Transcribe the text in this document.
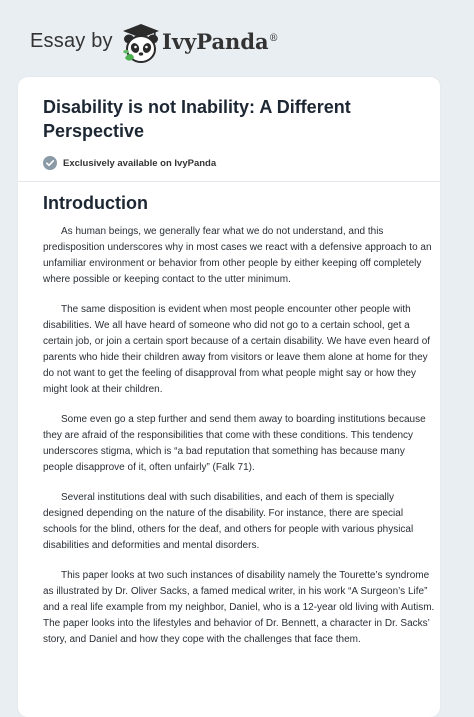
Essay by IvyPanda®
Disability is not Inability: A Different Perspective
Exclusively available on IvyPanda
Introduction

As human beings, we generally fear what we do not understand, and this predisposition underscores why in most cases we react with a defensive approach to an unfamiliar environment or behavior from other people by either keeping off completely where possible or keeping contact to the utter minimum.

The same disposition is evident when most people encounter other people with disabilities. We all have heard of someone who did not go to a certain school, get a certain job, or join a certain sport because of a certain disability. We have even heard of parents who hide their children away from visitors or leave them alone at home for they do not want to get the feeling of disapproval from what people might say or how they might look at their children.

Some even go a step further and send them away to boarding institutions because they are afraid of the responsibilities that come with these conditions. This tendency underscores stigma, which is “a bad reputation that something has because many people disapprove of it, often unfairly” (Falk 71).

Several institutions deal with such disabilities, and each of them is specially designed depending on the nature of the disability. For instance, there are special schools for the blind, others for the deaf, and others for people with various physical disabilities and deformities and mental disorders.

This paper looks at two such instances of disability namely the Tourette’s syndrome as illustrated by Dr. Oliver Sacks, a famed medical writer, in his work “A Surgeon’s Life” and a real life example from my neighbor, Daniel, who is a 12-year old living with Autism. The paper looks into the lifestyles and behavior of Dr. Bennett, a character in Dr. Sacks’ story, and Daniel and how they cope with the challenges that face them.
